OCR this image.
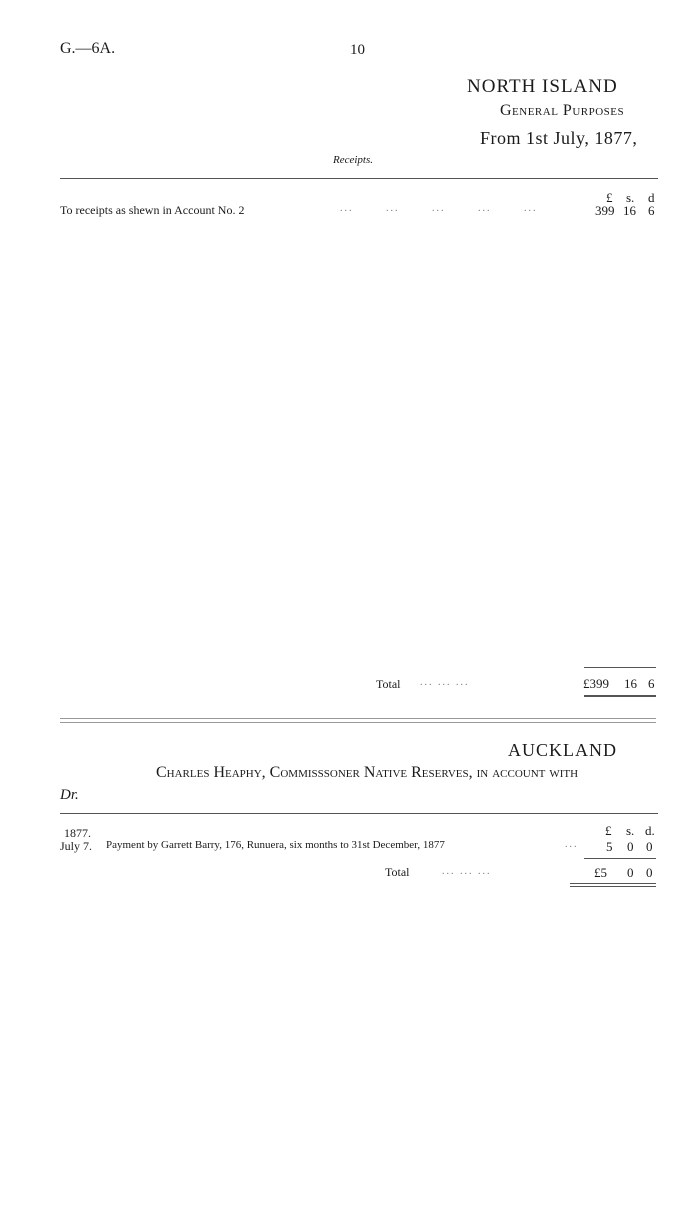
G.—6A.	10
NORTH ISLAND
General Purposes
From 1st July, 1877,
Receipts.
£ s. d
To receipts as shewn in Account No. 2	... ... ... ... ...	399 16 6
Total ... ... ...	£399 16 6
AUCKLAND
Charles Heaphy, Commisssoner Native Reserves, in account with
Dr.
£ s. d.
1877.
July 7. Payment by Garrett Barry, 176, Runuera, six months to 31st December, 1877	... 5 0 0
Total	... ... ...	£5 0 0
